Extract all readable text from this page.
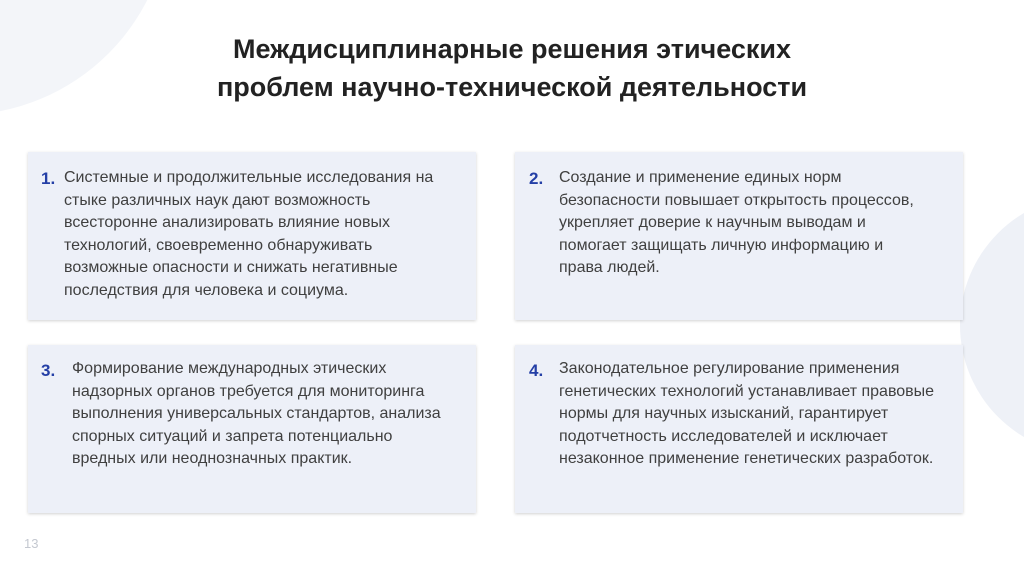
Междисциплинарные решения этических
проблем научно-технической деятельности
1. Системные и продолжительные исследования на стыке различных наук дают возможность всесторонне анализировать влияние новых технологий, своевременно обнаруживать возможные опасности и снижать негативные последствия для человека и социума.
2. Создание и применение единых норм безопасности повышает открытость процессов, укрепляет доверие к научным выводам и помогает защищать личную информацию и права людей.
3. Формирование международных этических надзорных органов требуется для мониторинга выполнения универсальных стандартов, анализа спорных ситуаций и запрета потенциально вредных или неоднозначных практик.
4. Законодательное регулирование применения генетических технологий устанавливает правовые нормы для научных изысканий, гарантирует подотчетность исследователей и исключает незаконное применение генетических разработок.
13
